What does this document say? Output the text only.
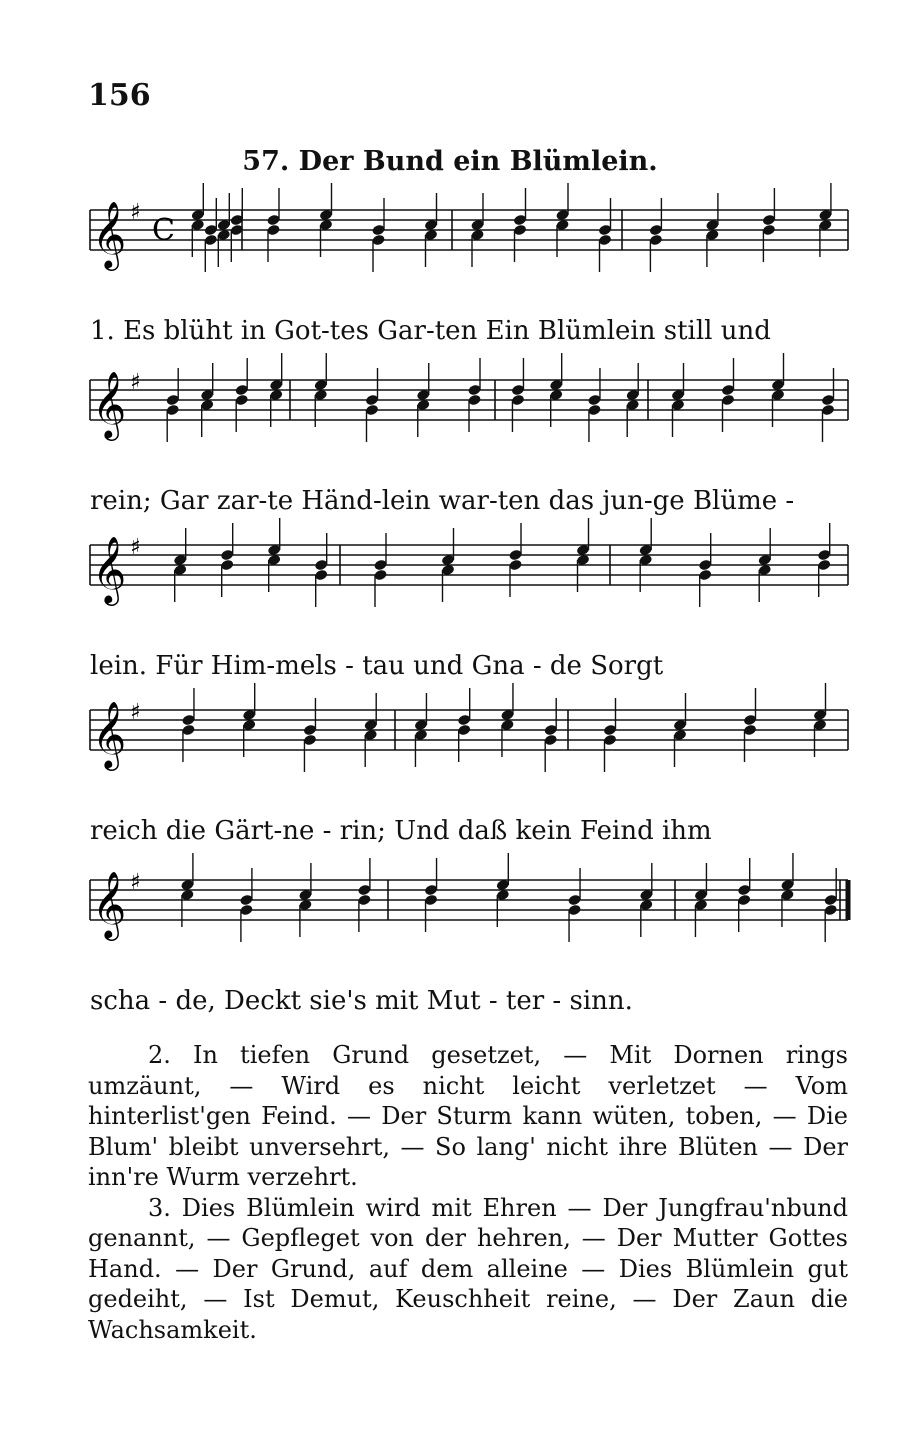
156
57. Der Bund ein Blümlein.
𝄞 ♯
C
1. Es blüht in Got-tes Gar-ten Ein Blümlein still und
𝄞 ♯
rein; Gar zar-te Händ-lein war-ten das jun-ge Blüme -
𝄞 ♯
lein. Für Him-mels - tau und Gna - de Sorgt
𝄞 ♯
reich die Gärt-ne - rin; Und daß kein Feind ihm
𝄞 ♯
scha - de, Deckt sie's mit Mut - ter - sinn.

2. In tiefen Grund gesetzet, — Mit Dornen rings umzäunt, — Wird es nicht leicht verletzet — Vom hinterlist'gen Feind. — Der Sturm kann wüten, toben, — Die Blum' bleibt unversehrt, — So lang' nicht ihre Blüten — Der inn're Wurm verzehrt.

3. Dies Blümlein wird mit Ehren — Der Jungfrau'nbund genannt, — Gepfleget von der hehren, — Der Mutter Gottes Hand. — Der Grund, auf dem alleine — Dies Blümlein gut gedeiht, — Ist Demut, Keuschheit reine, — Der Zaun die Wachsamkeit.
